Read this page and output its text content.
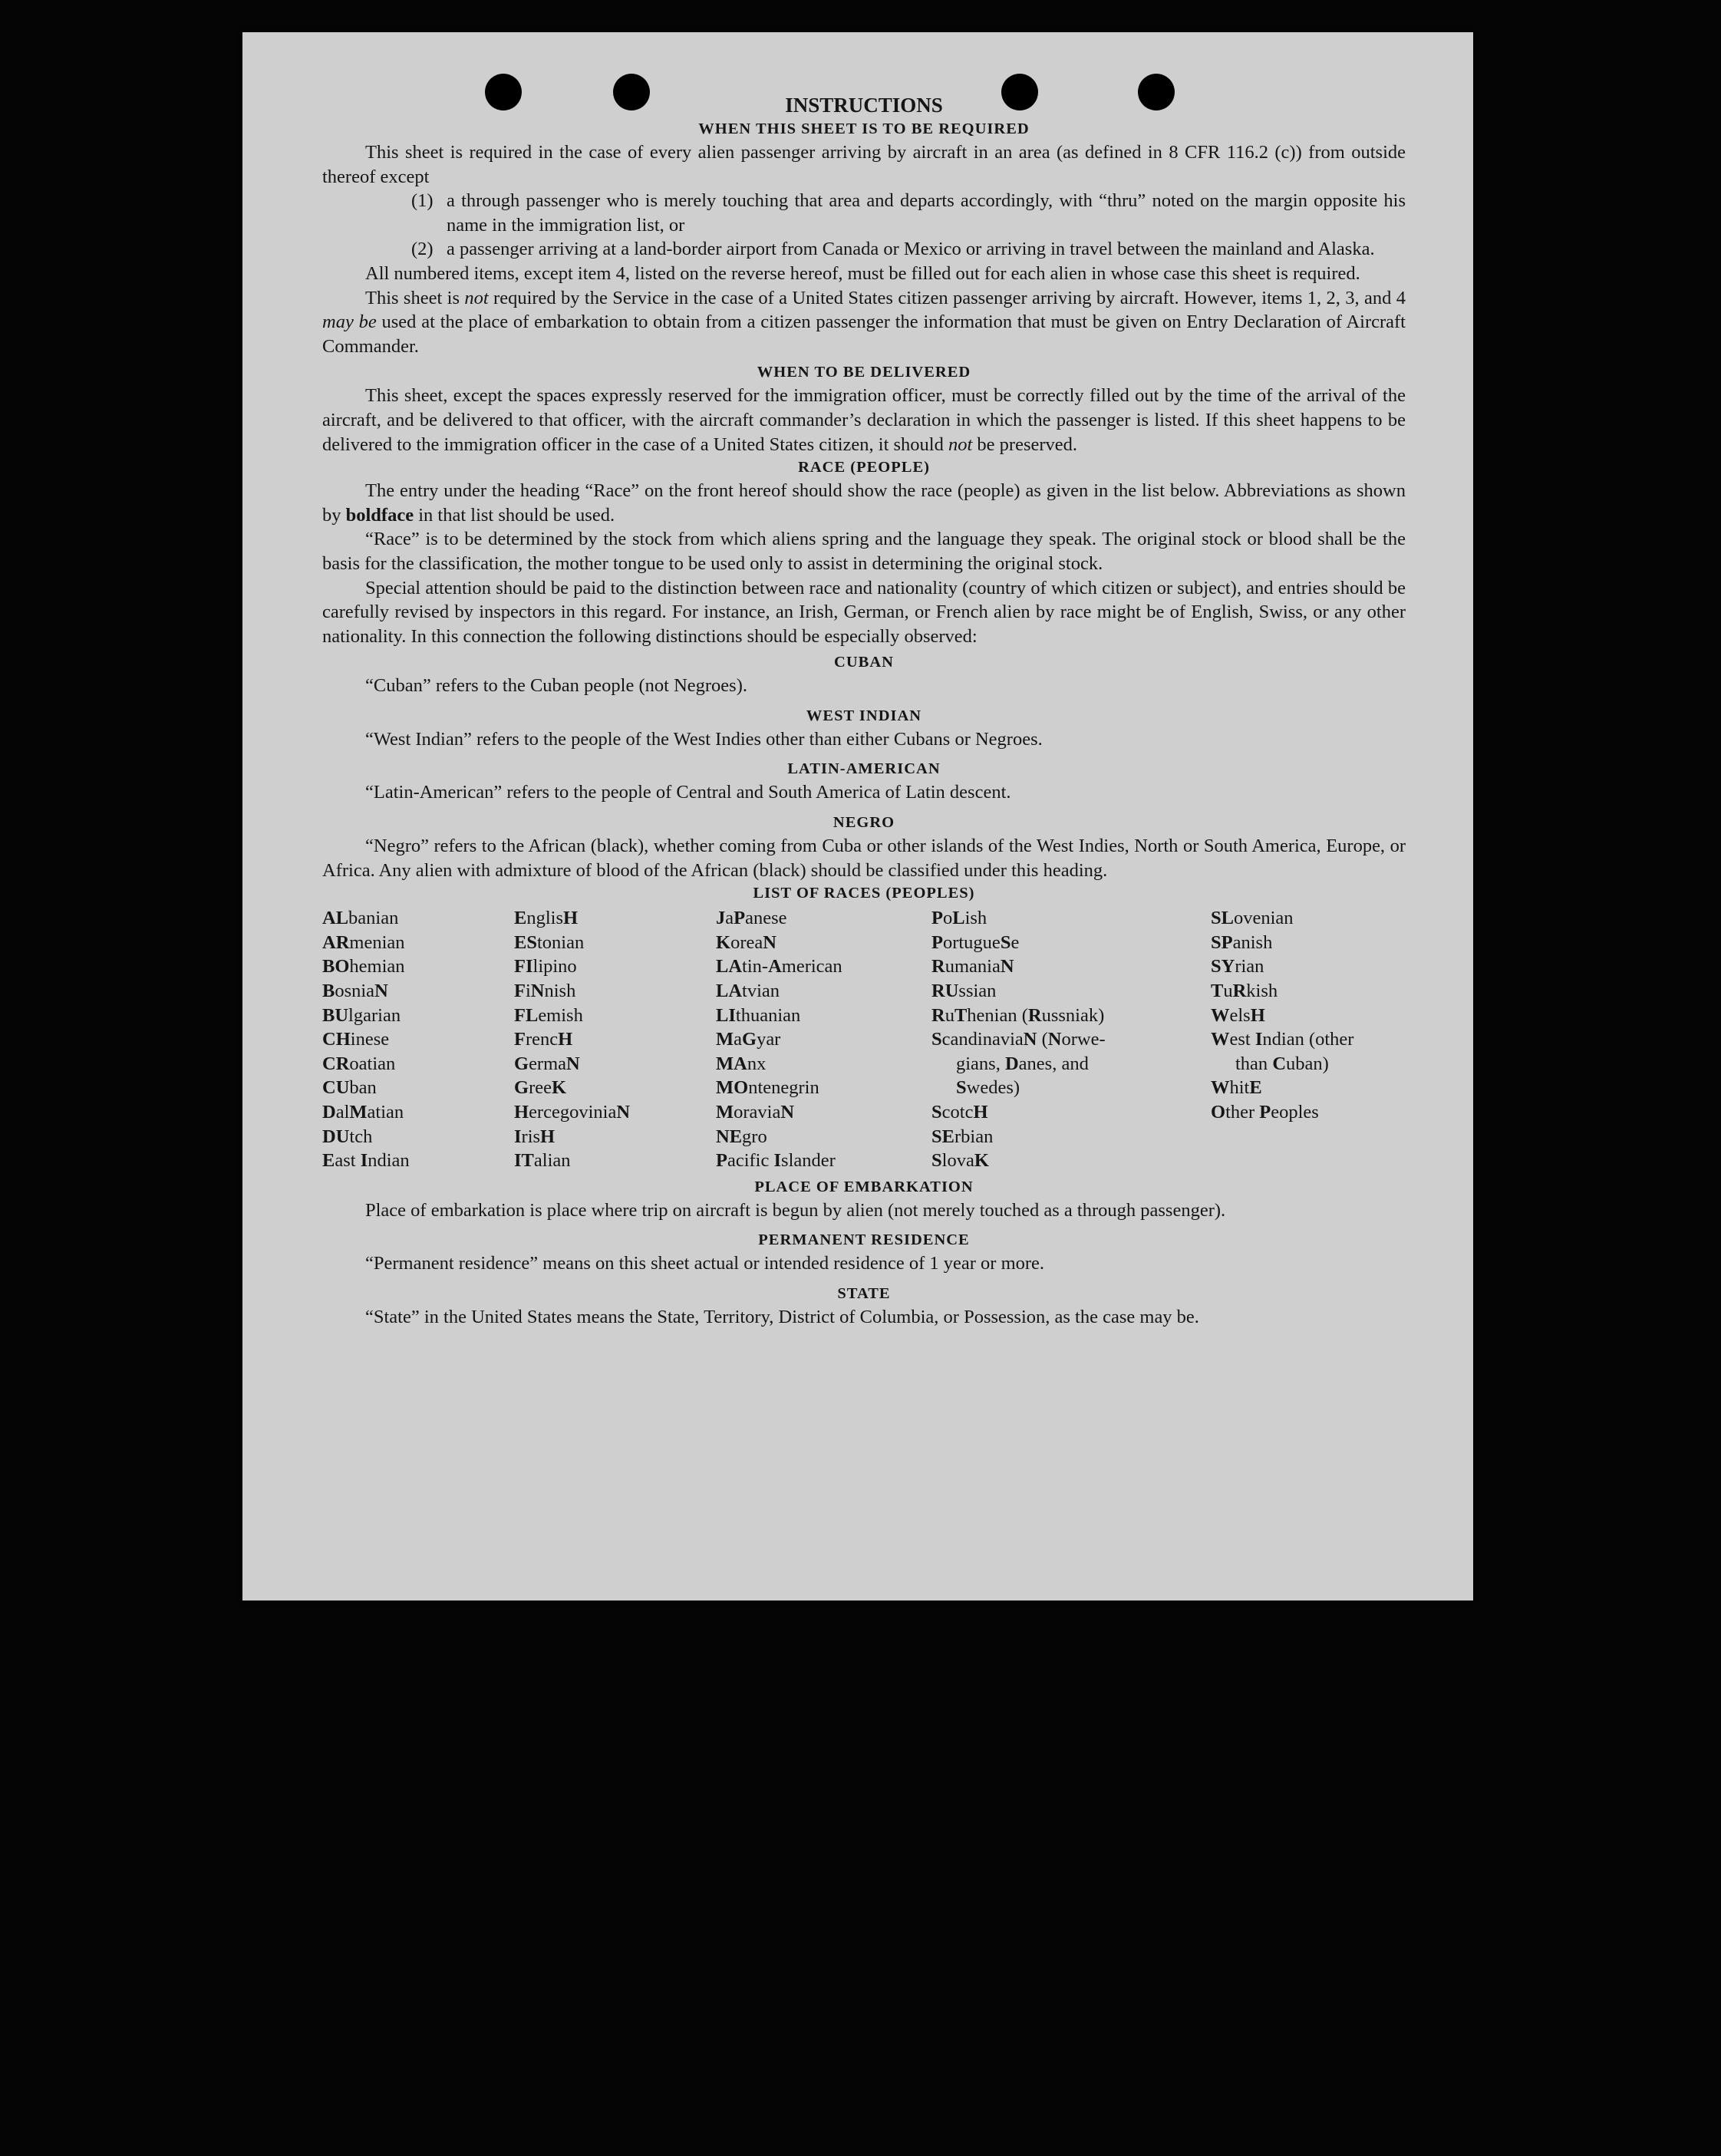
INSTRUCTIONS

WHEN THIS SHEET IS TO BE REQUIRED

This sheet is required in the case of every alien passenger arriving by aircraft in an area (as defined in 8 CFR 116.2 (c)) from outside thereof except

(1) a through passenger who is merely touching that area and departs accordingly, with “thru” noted on the margin opposite his name in the immigration list, or
(2) a passenger arriving at a land-border airport from Canada or Mexico or arriving in travel between the mainland and Alaska.

All numbered items, except item 4, listed on the reverse hereof, must be filled out for each alien in whose case this sheet is required.

This sheet is not required by the Service in the case of a United States citizen passenger arriving by aircraft. However, items 1, 2, 3, and 4 may be used at the place of embarkation to obtain from a citizen passenger the information that must be given on Entry Declaration of Aircraft Commander.

WHEN TO BE DELIVERED

This sheet, except the spaces expressly reserved for the immigration officer, must be correctly filled out by the time of the arrival of the aircraft, and be delivered to that officer, with the aircraft commander’s declaration in which the passenger is listed. If this sheet happens to be delivered to the immigration officer in the case of a United States citizen, it should not be preserved.

RACE (PEOPLE)

The entry under the heading “Race” on the front hereof should show the race (people) as given in the list below. Abbreviations as shown by boldface in that list should be used.

“Race” is to be determined by the stock from which aliens spring and the language they speak. The original stock or blood shall be the basis for the classification, the mother tongue to be used only to assist in determining the original stock.

Special attention should be paid to the distinction between race and nationality (country of which citizen or subject), and entries should be carefully revised by inspectors in this regard. For instance, an Irish, German, or French alien by race might be of English, Swiss, or any other nationality. In this connection the following distinctions should be especially observed:

CUBAN

“Cuban” refers to the Cuban people (not Negroes).

WEST INDIAN

“West Indian” refers to the people of the West Indies other than either Cubans or Negroes.

LATIN-AMERICAN

“Latin-American” refers to the people of Central and South America of Latin descent.

NEGRO

“Negro” refers to the African (black), whether coming from Cuba or other islands of the West Indies, North or South America, Europe, or Africa. Any alien with admixture of blood of the African (black) should be classified under this heading.

LIST OF RACES (PEOPLES)

ALbanian
ARmenian
BOhemian
BosniaN
BUlgarian
CHinese
CRoatian
CUban
DalMatian
DUtch
East Indian
EnglisH
EStonian
FIlipino
FiNnish
FLemish
FrencH
GermaN
GreeK
HercegoviniaN
IrisH
ITalian
JaPanese
KoreaN
LAtin-American
LAtvian
LIthuanian
MaGyar
MAnx
MOntenegrin
MoraviaN
NEgro
Pacific Islander
PoLish
PortugueSe
RumaniaN
RUssian
RuThenian (Russniak)
ScandinaviaN (Norwe-
gians, Danes, and
Swedes)
ScotcH
SErbian
SlovaK
SLovenian
SPanish
SYrian
TuRkish
WelsH
West Indian (other
than Cuban)
WhitE
Other Peoples

PLACE OF EMBARKATION

Place of embarkation is place where trip on aircraft is begun by alien (not merely touched as a through passenger).

PERMANENT RESIDENCE

“Permanent residence” means on this sheet actual or intended residence of 1 year or more.

STATE

“State” in the United States means the State, Territory, District of Columbia, or Possession, as the case may be.
